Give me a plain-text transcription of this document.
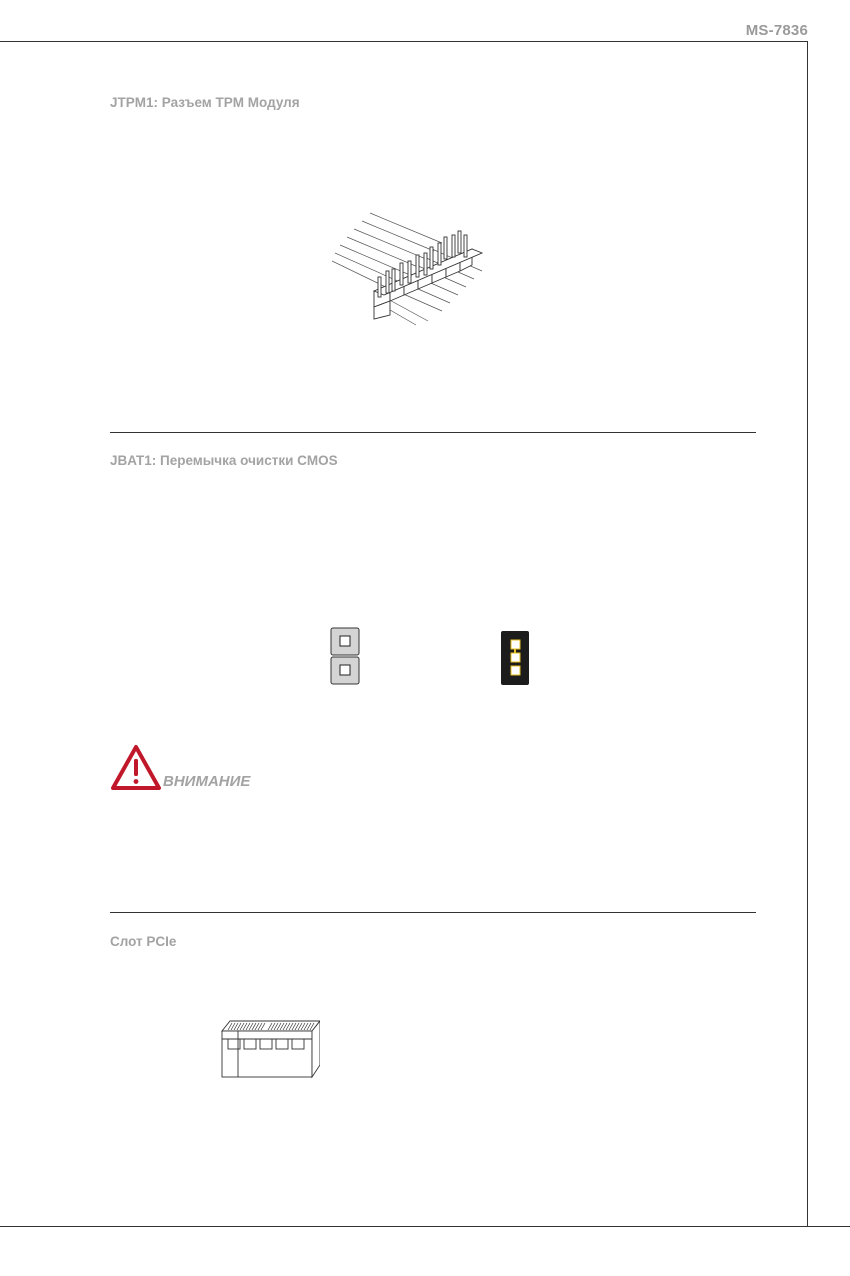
MS-7836
JTPM1: Разъем TPM Модуля
JBAT1: Перемычка очистки CMOS
ВНИМАНИЕ
Слот PCIe
